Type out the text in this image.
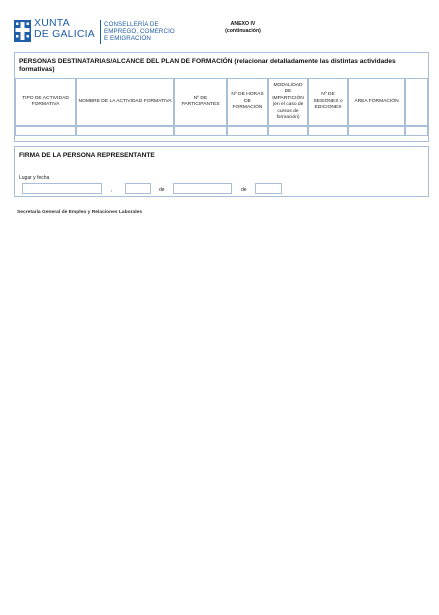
XUNTA
DE GALICIA
CONSELLERÍA DE
EMPREGO, COMERCIO
E EMIGRACIÓN
ANEXO IV
(continuación)
PERSONAS DESTINATARIAS/ALCANCE DEL PLAN DE FORMACIÓN (relacionar detalladamente las distintas actividades formativas)
TIPO DE ACTIVIDAD FORMATIVA
NOMBRE DE LA ACTIVIDAD FORMATIVA
Nº DE PARTICIPANTES
Nº DE HORAS DE FORMACIÓN
MODALIDAD DE IMPARTICIÓN (en el caso de cursos de formación)
Nº DE SESIONES o EDICIONES
ÁREA FORMACIÓN
FIRMA DE LA PERSONA REPRESENTANTE
Lugar y fecha
,	de	de
Secretaría General de Empleo y Relaciones Laborales
